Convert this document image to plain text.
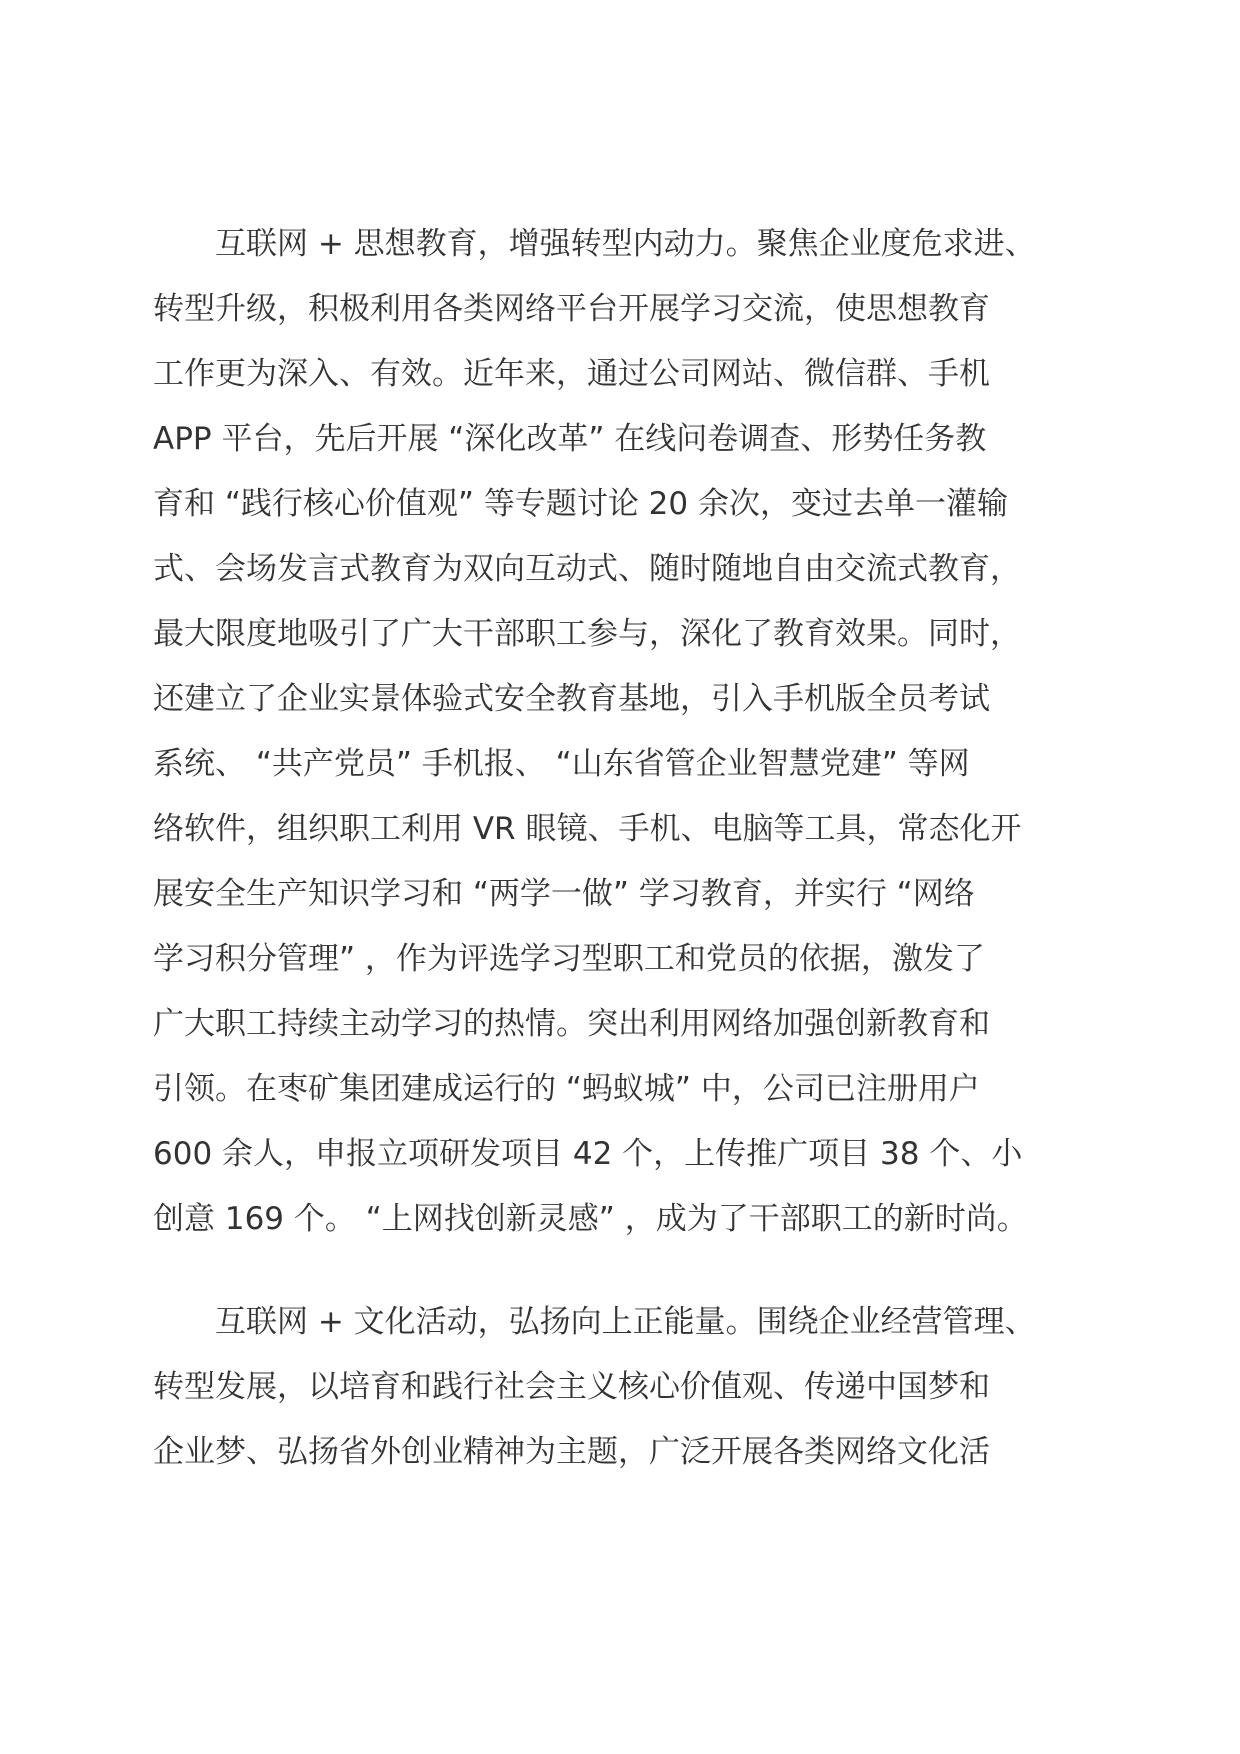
　　互联网 + 思想教育，增强转型内动力。聚焦企业度危求进、
转型升级，积极利用各类网络平台开展学习交流，使思想教育
工作更为深入、有效。近年来，通过公司网站、微信群、手机
APP 平台，先后开展 “深化改革” 在线问卷调查、形势任务教
育和 “践行核心价值观” 等专题讨论 20 余次，变过去单一灌输
式、会场发言式教育为双向互动式、随时随地自由交流式教育，
最大限度地吸引了广大干部职工参与，深化了教育效果。同时，
还建立了企业实景体验式安全教育基地，引入手机版全员考试
系统、 “共产党员” 手机报、 “山东省管企业智慧党建” 等网
络软件，组织职工利用 VR 眼镜、手机、电脑等工具，常态化开
展安全生产知识学习和 “两学一做” 学习教育，并实行 “网络
学习积分管理” ，作为评选学习型职工和党员的依据，激发了
广大职工持续主动学习的热情。突出利用网络加强创新教育和
引领。在枣矿集团建成运行的 “蚂蚁城” 中，公司已注册用户
600 余人，申报立项研发项目 42 个，上传推广项目 38 个、小
创意 169 个。 “上网找创新灵感” ，成为了干部职工的新时尚。
　　互联网 + 文化活动，弘扬向上正能量。围绕企业经营管理、
转型发展，以培育和践行社会主义核心价值观、传递中国梦和
企业梦、弘扬省外创业精神为主题，广泛开展各类网络文化活
